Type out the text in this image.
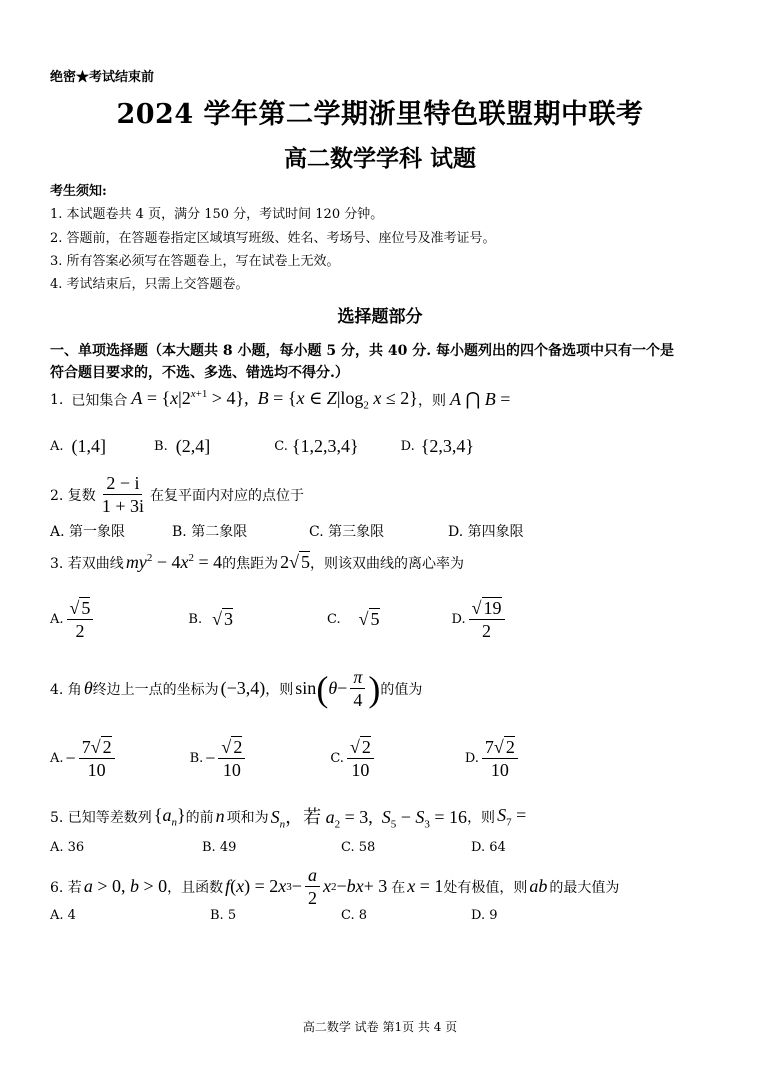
绝密★考试结束前
2024 学年第二学期浙里特色联盟期中联考
高二数学学科 试题
考生须知:
1. 本试题卷共 4 页，满分 150 分，考试时间 120 分钟。
2. 答题前，在答题卷指定区域填写班级、姓名、考场号、座位号及准考证号。
3. 所有答案必须写在答题卷上，写在试卷上无效。
4. 考试结束后，只需上交答题卷。
选择题部分
一、单项选择题（本大题共 8 小题，每小题 5 分，共 40 分. 每小题列出的四个备选项中只有一个是
符合题目要求的，不选、多选、错选均不得分.）
1. 已知集合 $A = \{x|2^{x+1} > 4\}$,  B = {x ∈ $Z|\log_2$ x ≤ 2} ，则 A ⋂ B =
A. (1,4]	B. (2,4]	C. {1,2,3,4}	D. {2,3,4}
2. 复数 $\frac{2 - i}{1 + 3i}$ 在复平面内对应的点位于
A. 第一象限	B. 第二象限	C. 第三象限	D. 第四象限
3. 若双曲线 $my^2 - 4x^2 = 4$ 的焦距为 2√ 5 ，则该双曲线的离心率为
A. $\frac{√ 5}{2}$	B. √ 3	C. √ 5	D. $\frac{√ 19}{2}$
4. 角 θ 终边上一点的坐标为 (−3,4) ，则 sin ( $\theta - \frac{\pi}{4}$ ) 的值为
A. − $\frac{7√ 2}{10}$	B. − $\frac{√ 2}{10}$	C. $\frac{√ 2}{10}$	D. $\frac{7√ 2}{10}$
5. 已知等差数列 $\{a_n\}$ 的前 n 项和为 $S_n$，若 $a_2 = 3$,  $S_5 - S_3 = 16$ ，则 $S_7$ =
A. 36	B. 49	C. 58	D. 64
6. 若 a > 0, b > 0 ，且函数 f ( x ) = 2 x $3 - \frac{a}{2}$ x 2 − bx + 3 在 x = 1 处有极值，则 ab 的最大值为
A. 4	B. 5	C. 8	D. 9
高二数学 试卷 第1页 共 4 页
